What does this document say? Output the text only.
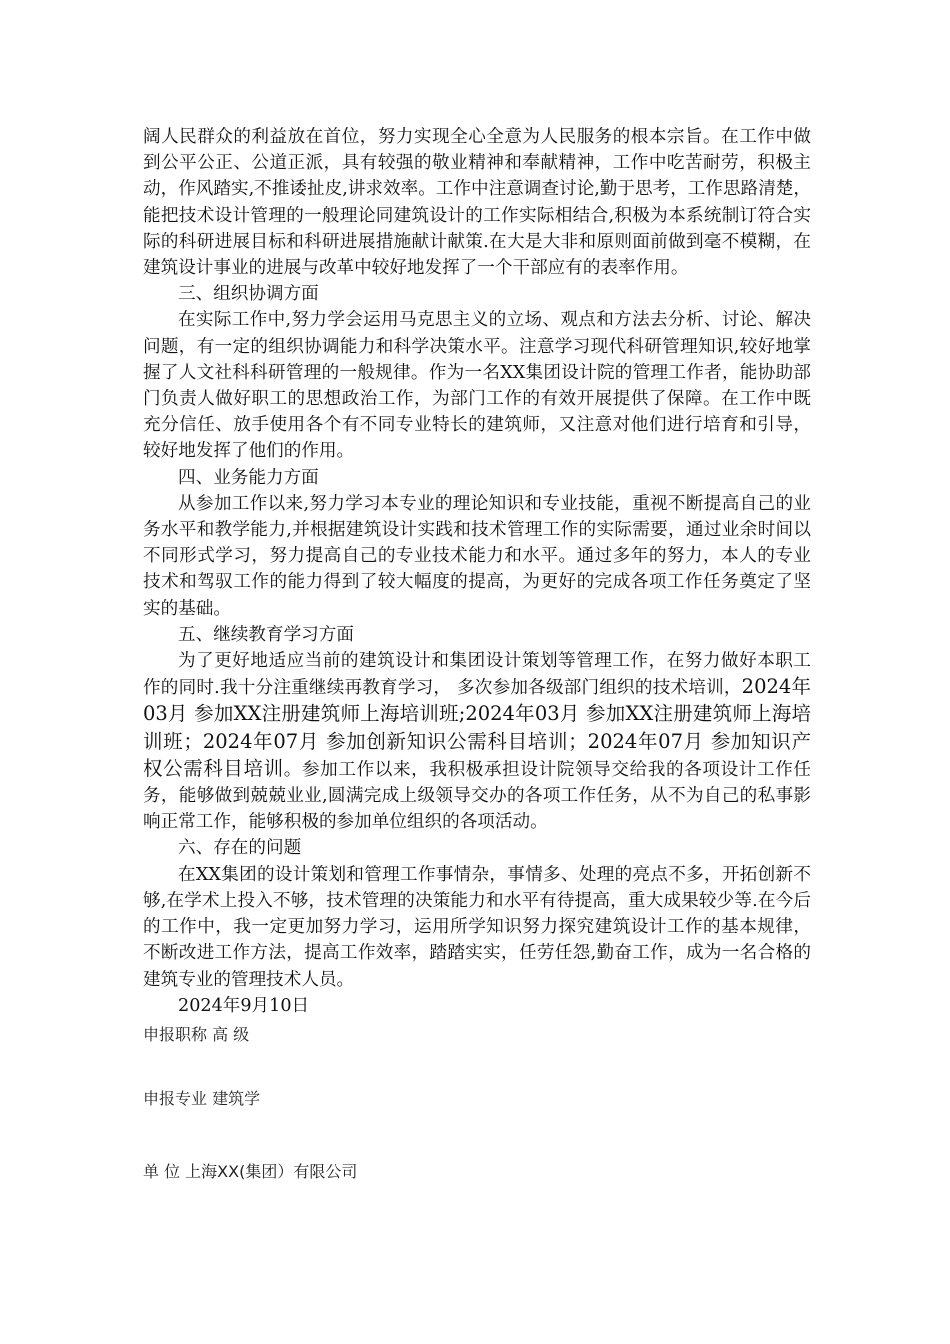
阔人民群众的利益放在首位，努力实现全心全意为人民服务的根本宗旨。在工作中做到公平公正、公道正派，具有较强的敬业精神和奉献精神，工作中吃苦耐劳，积极主动，作风踏实,不推诿扯皮,讲求效率。工作中注意调查讨论,勤于思考，工作思路清楚，能把技术设计管理的一般理论同建筑设计的工作实际相结合,积极为本系统制订符合实际的科研进展目标和科研进展措施献计献策.在大是大非和原则面前做到毫不模糊，在建筑设计事业的进展与改革中较好地发挥了一个干部应有的表率作用。

三、组织协调方面

在实际工作中,努力学会运用马克思主义的立场、观点和方法去分析、讨论、解决问题，有一定的组织协调能力和科学决策水平。注意学习现代科研管理知识,较好地掌握了人文社科科研管理的一般规律。作为一名XX集团设计院的管理工作者，能协助部门负责人做好职工的思想政治工作，为部门工作的有效开展提供了保障。在工作中既充分信任、放手使用各个有不同专业特长的建筑师，又注意对他们进行培育和引导，较好地发挥了他们的作用。

四、业务能力方面

从参加工作以来,努力学习本专业的理论知识和专业技能，重视不断提高自己的业务水平和教学能力,并根据建筑设计实践和技术管理工作的实际需要，通过业余时间以不同形式学习，努力提高自己的专业技术能力和水平。通过多年的努力，本人的专业技术和驾驭工作的能力得到了较大幅度的提高，为更好的完成各项工作任务奠定了坚实的基础。

五、继续教育学习方面

为了更好地适应当前的建筑设计和集团设计策划等管理工作，在努力做好本职工作的同时.我十分注重继续再教育学习， 多次参加各级部门组织的技术培训，2024年03月 参加XX注册建筑师上海培训班;2024年03月 参加XX注册建筑师上海培训班；2024年07月 参加创新知识公需科目培训；2024年07月 参加知识产权公需科目培训。参加工作以来，我积极承担设计院领导交给我的各项设计工作任务，能够做到兢兢业业,圆满完成上级领导交办的各项工作任务，从不为自己的私事影响正常工作，能够积极的参加单位组织的各项活动。

六、存在的问题

在XX集团的设计策划和管理工作事情杂，事情多、处理的亮点不多，开拓创新不够,在学术上投入不够，技术管理的决策能力和水平有待提高，重大成果较少等.在今后的工作中，我一定更加努力学习，运用所学知识努力探究建筑设计工作的基本规律，不断改进工作方法，提高工作效率，踏踏实实，任劳任怨,勤奋工作，成为一名合格的建筑专业的管理技术人员。

2024年9月10日

申报职称 高 级
申报专业 建筑学
单 位 上海XX(集团）有限公司
